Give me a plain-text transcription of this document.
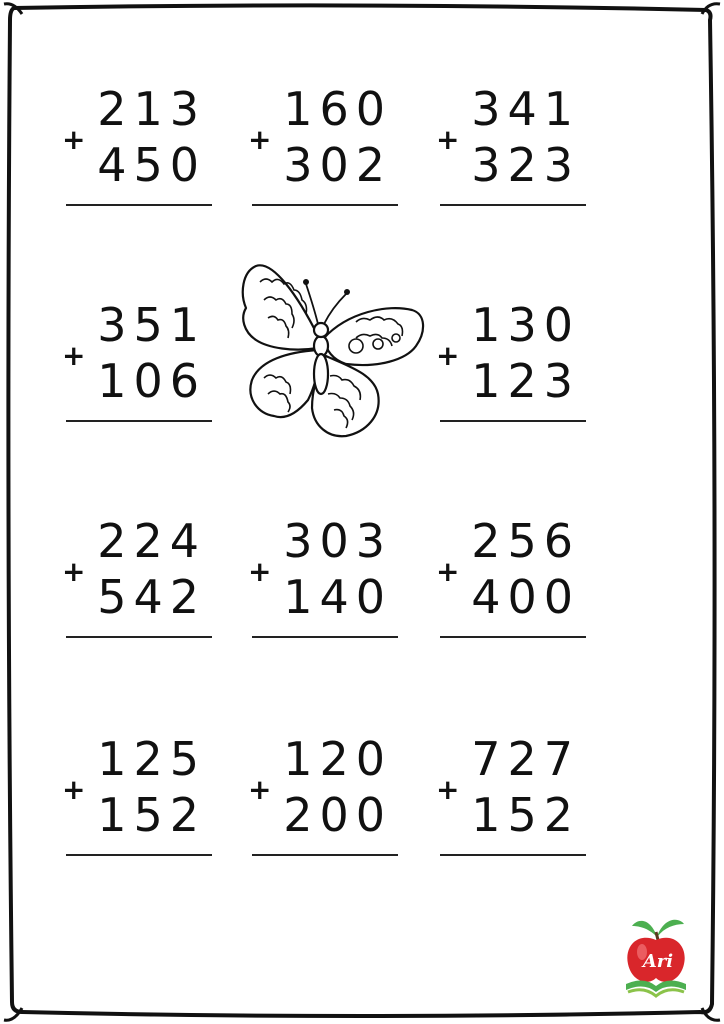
+
213
450 +
160
302 +
341
323
+
351
106	+
130
123
+
224
542 +
303
140 +
256
400
+
125
152 +
120
200 +
727
152
Ari
